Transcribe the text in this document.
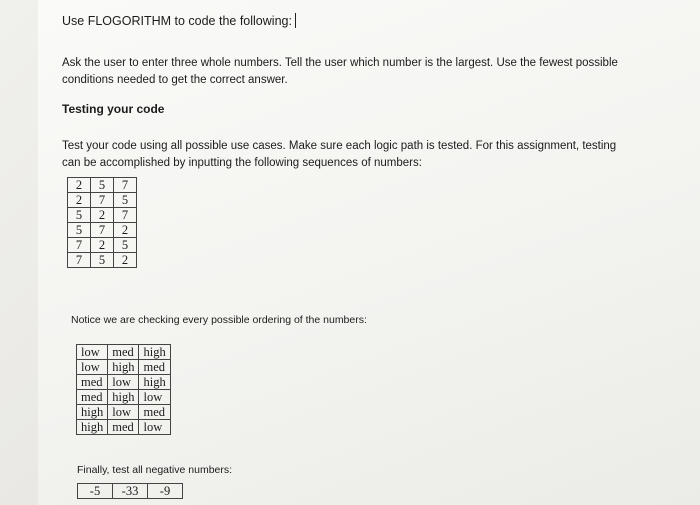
Use FLOGORITHM to code the following:

Ask the user to enter three whole numbers. Tell the user which number is the largest. Use the fewest possible conditions needed to get the correct answer.

Testing your code

Test your code using all possible use cases. Make sure each logic path is tested. For this assignment, testing can be accomplished by inputting the following sequences of numbers:

2	5	7
2	7	5
5	2	7
5	7	2
7	2	5
7	5	2

Notice we are checking every possible ordering of the numbers:

low	med	high
low	high	med
med	low	high
med	high	low
high	low	med
high	med	low

Finally, test all negative numbers:

-5	-33	-9
